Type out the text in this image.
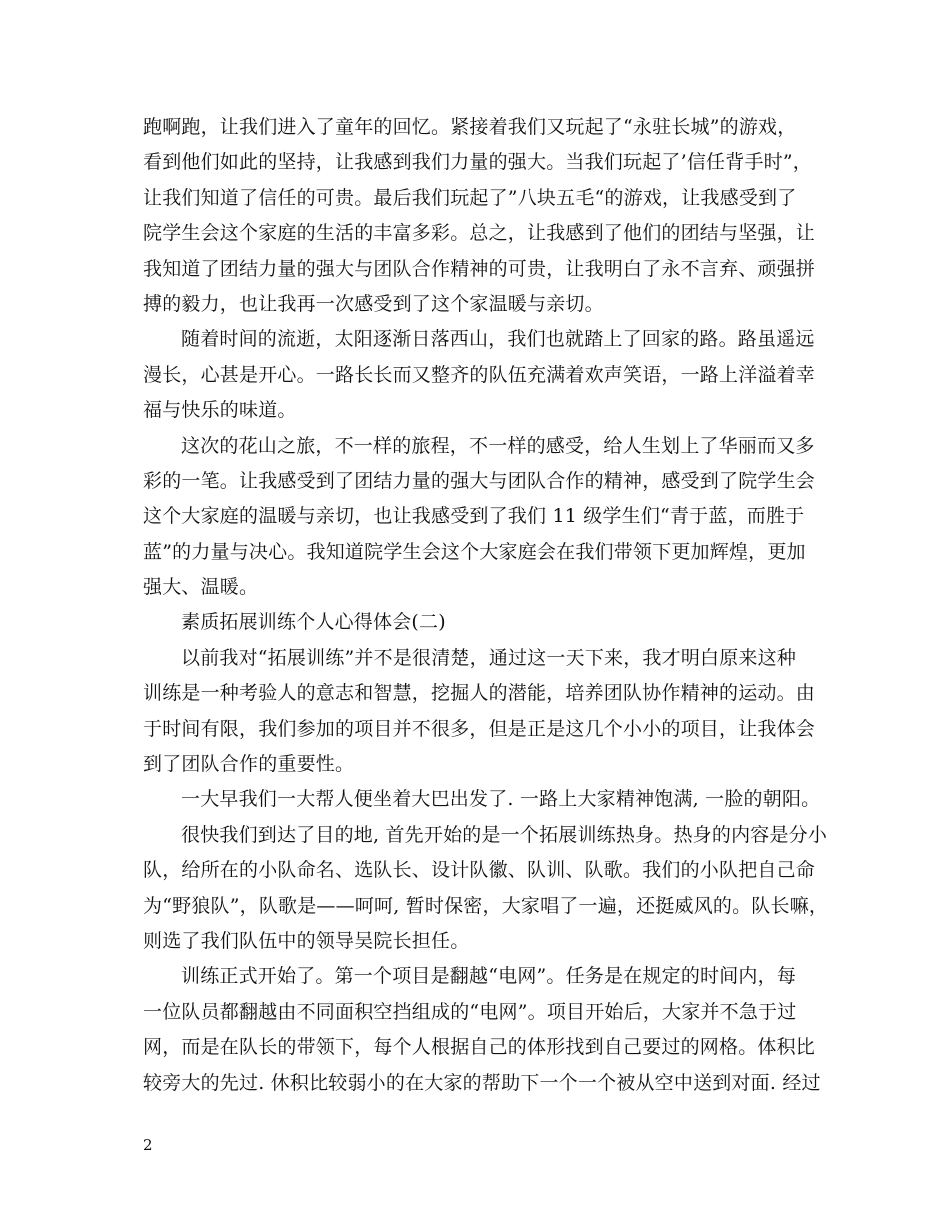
跑啊跑，让我们进入了童年的回忆。紧接着我们又玩起了“永驻长城”的游戏，
看到他们如此的坚持，让我感到我们力量的强大。当我们玩起了’信任背手时”，
让我们知道了信任的可贵。最后我们玩起了”八块五毛“的游戏，让我感受到了
院学生会这个家庭的生活的丰富多彩。总之，让我感到了他们的团结与坚强，让
我知道了团结力量的强大与团队合作精神的可贵，让我明白了永不言弃、顽强拼
搏的毅力，也让我再一次感受到了这个家温暖与亲切。
随着时间的流逝，太阳逐渐日落西山，我们也就踏上了回家的路。路虽遥远
漫长，心甚是开心。一路长长而又整齐的队伍充满着欢声笑语，一路上洋溢着幸
福与快乐的味道。
这次的花山之旅，不一样的旅程，不一样的感受，给人生划上了华丽而又多
彩的一笔。让我感受到了团结力量的强大与团队合作的精神，感受到了院学生会
这个大家庭的温暖与亲切，也让我感受到了我们 11 级学生们“青于蓝，而胜于
蓝”的力量与决心。我知道院学生会这个大家庭会在我们带领下更加辉煌，更加
强大、温暖。
素质拓展训练个人心得体会(二)
以前我对“拓展训练”并不是很清楚，通过这一天下来，我才明白原来这种
训练是一种考验人的意志和智慧，挖掘人的潜能，培养团队协作精神的运动。由
于时间有限，我们参加的项目并不很多，但是正是这几个小小的项目，让我体会
到了团队合作的重要性。
一大早我们一大帮人便坐着大巴出发了. 一路上大家精神饱满, 一脸的朝阳。
很快我们到达了目的地, 首先开始的是一个拓展训练热身。热身的内容是分小
队，给所在的小队命名、选队长、设计队徽、队训、队歌。我们的小队把自己命
为“野狼队”，队歌是——呵呵, 暂时保密，大家唱了一遍，还挺威风的。队长嘛，
则选了我们队伍中的领导吴院长担任。
训练正式开始了。第一个项目是翻越“电网”。任务是在规定的时间内，每
一位队员都翻越由不同面积空挡组成的“电网”。项目开始后，大家并不急于过
网，而是在队长的带领下，每个人根据自己的体形找到自己要过的网格。体积比
较旁大的先过. 休积比较弱小的在大家的帮助下一个一个被从空中送到对面. 经过
2
